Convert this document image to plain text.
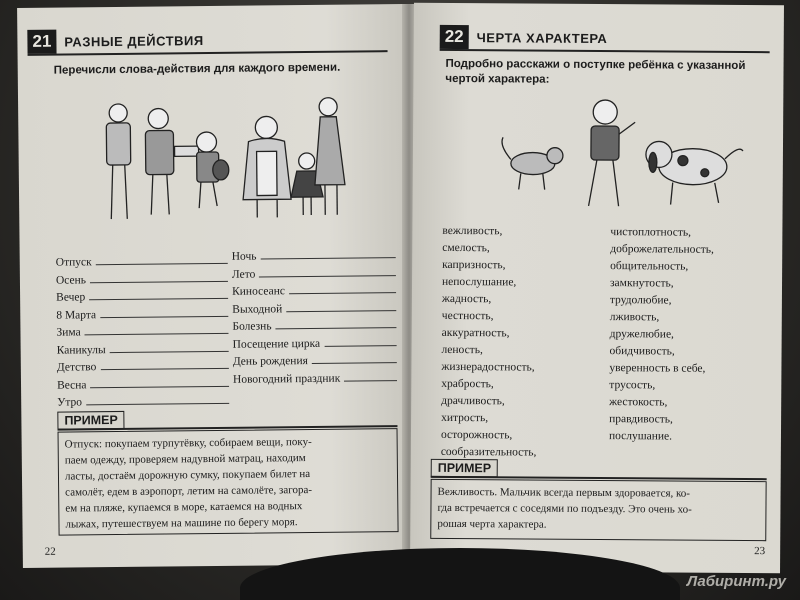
21 РАЗНЫЕ ДЕЙСТВИЯ
Перечисли слова-действия для каждого времени.
Отпуск
Осень
Вечер
8 Марта
Зима
Каникулы
Детство
Весна
Утро
Ночь
Лето
Киносеанс
Выходной
Болезнь
Посещение цирка
День рождения
Новогодний праздник
ПРИМЕР
Отпуск: покупаем турпутёвку, собираем вещи, поку-
паем одежду, проверяем надувной матрац, находим
ласты, достаём дорожную сумку, покупаем билет на
самолёт, едем в аэропорт, летим на самолёте, загора-
ем на пляже, купаемся в море, катаемся на водных
лыжах, путешествуем на машине по берегу моря.
22
22 ЧЕРТА ХАРАКТЕРА
Подробно расскажи о поступке ребёнка с указанной
чертой характера:
вежливость,
смелость,
капризность,
непослушание,
жадность,
честность,
аккуратность,
леность,
жизнерадостность,
храбрость,
драчливость,
хитрость,
осторожность,
сообразительность,
чистоплотность,
доброжелательность,
общительность,
замкнутость,
трудолюбие,
лживость,
дружелюбие,
обидчивость,
уверенность в себе,
трусость,
жестокость,
правдивость,
послушание.
ПРИМЕР
Вежливость. Мальчик всегда первым здоровается, ко-
гда встречается с соседями по подъезду. Это очень хо-
рошая черта характера.
23
Лабиринт.ру
